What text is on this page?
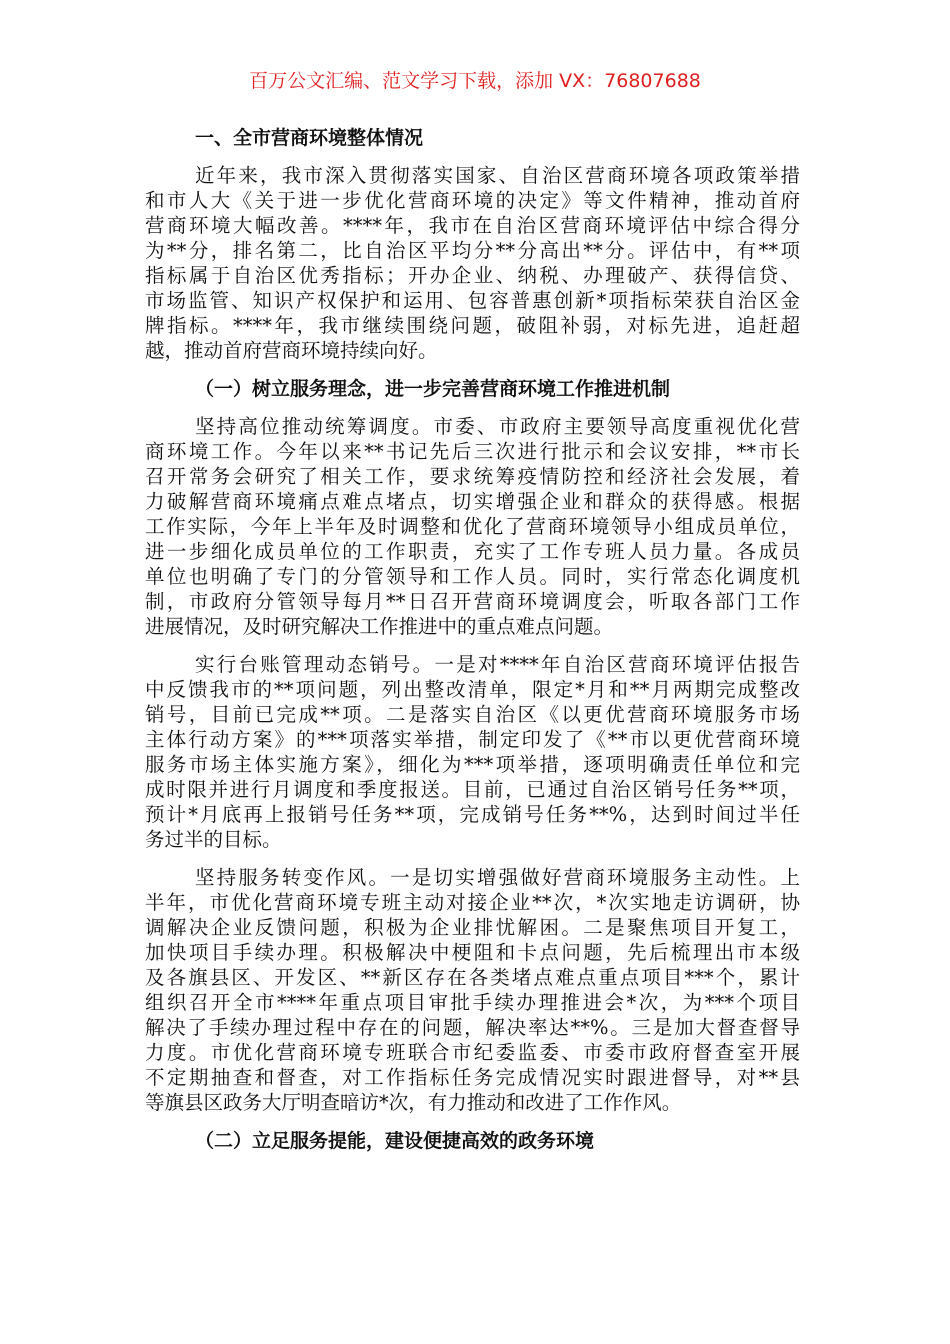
百万公文汇编、范文学习下载，添加 VX：76807688
一、全市营商环境整体情况
近年来，我市深入贯彻落实国家、自治区营商环境各项政策举措
和市人大《关于进一步优化营商环境的决定》等文件精神，推动首府
营商环境大幅改善。****年，我市在自治区营商环境评估中综合得分
为**分，排名第二，比自治区平均分**分高出**分。评估中，有**项
指标属于自治区优秀指标；开办企业、纳税、办理破产、获得信贷、
市场监管、知识产权保护和运用、包容普惠创新*项指标荣获自治区金
牌指标。****年，我市继续围绕问题，破阻补弱，对标先进，追赶超
越，推动首府营商环境持续向好。
（一）树立服务理念，进一步完善营商环境工作推进机制
坚持高位推动统筹调度。市委、市政府主要领导高度重视优化营
商环境工作。今年以来**书记先后三次进行批示和会议安排，**市长
召开常务会研究了相关工作，要求统筹疫情防控和经济社会发展，着
力破解营商环境痛点难点堵点，切实增强企业和群众的获得感。根据
工作实际，今年上半年及时调整和优化了营商环境领导小组成员单位，
进一步细化成员单位的工作职责，充实了工作专班人员力量。各成员
单位也明确了专门的分管领导和工作人员。同时，实行常态化调度机
制，市政府分管领导每月**日召开营商环境调度会，听取各部门工作
进展情况，及时研究解决工作推进中的重点难点问题。
实行台账管理动态销号。一是对****年自治区营商环境评估报告
中反馈我市的**项问题，列出整改清单，限定*月和**月两期完成整改
销号，目前已完成**项。二是落实自治区《以更优营商环境服务市场
主体行动方案》的***项落实举措，制定印发了《**市以更优营商环境
服务市场主体实施方案》，细化为***项举措，逐项明确责任单位和完
成时限并进行月调度和季度报送。目前，已通过自治区销号任务**项，
预计*月底再上报销号任务**项，完成销号任务**%，达到时间过半任
务过半的目标。
坚持服务转变作风。一是切实增强做好营商环境服务主动性。上
半年，市优化营商环境专班主动对接企业**次，*次实地走访调研，协
调解决企业反馈问题，积极为企业排忧解困。二是聚焦项目开复工，
加快项目手续办理。积极解决中梗阻和卡点问题，先后梳理出市本级
及各旗县区、开发区、**新区存在各类堵点难点重点项目***个，累计
组织召开全市****年重点项目审批手续办理推进会*次，为***个项目
解决了手续办理过程中存在的问题，解决率达**%。三是加大督查督导
力度。市优化营商环境专班联合市纪委监委、市委市政府督查室开展
不定期抽查和督查，对工作指标任务完成情况实时跟进督导，对**县
等旗县区政务大厅明查暗访*次，有力推动和改进了工作作风。
（二）立足服务提能，建设便捷高效的政务环境
